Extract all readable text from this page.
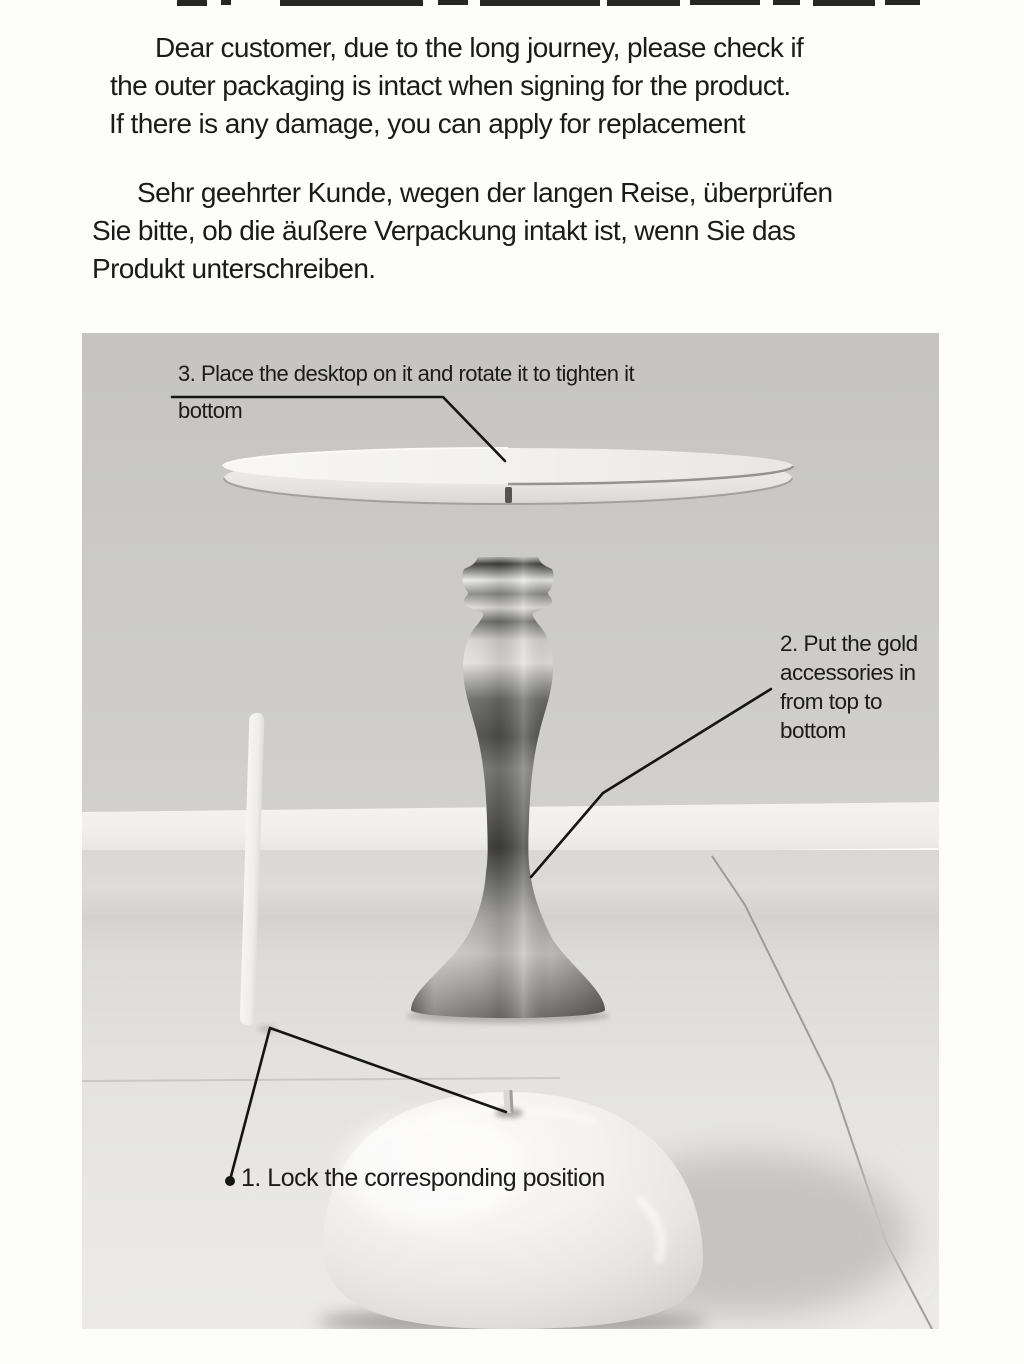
Dear customer, due to the long journey, please check if
the outer packaging is intact when signing for the product.
If there is any damage, you can apply for replacement
Sehr geehrter Kunde, wegen der langen Reise, überprüfen
Sie bitte, ob die äußere Verpackung intakt ist, wenn Sie das
Produkt unterschreiben.
3. Place the desktop on it and rotate it to tighten it
bottom
2. Put the gold
accessories in
from top to
bottom
1. Lock the corresponding position
